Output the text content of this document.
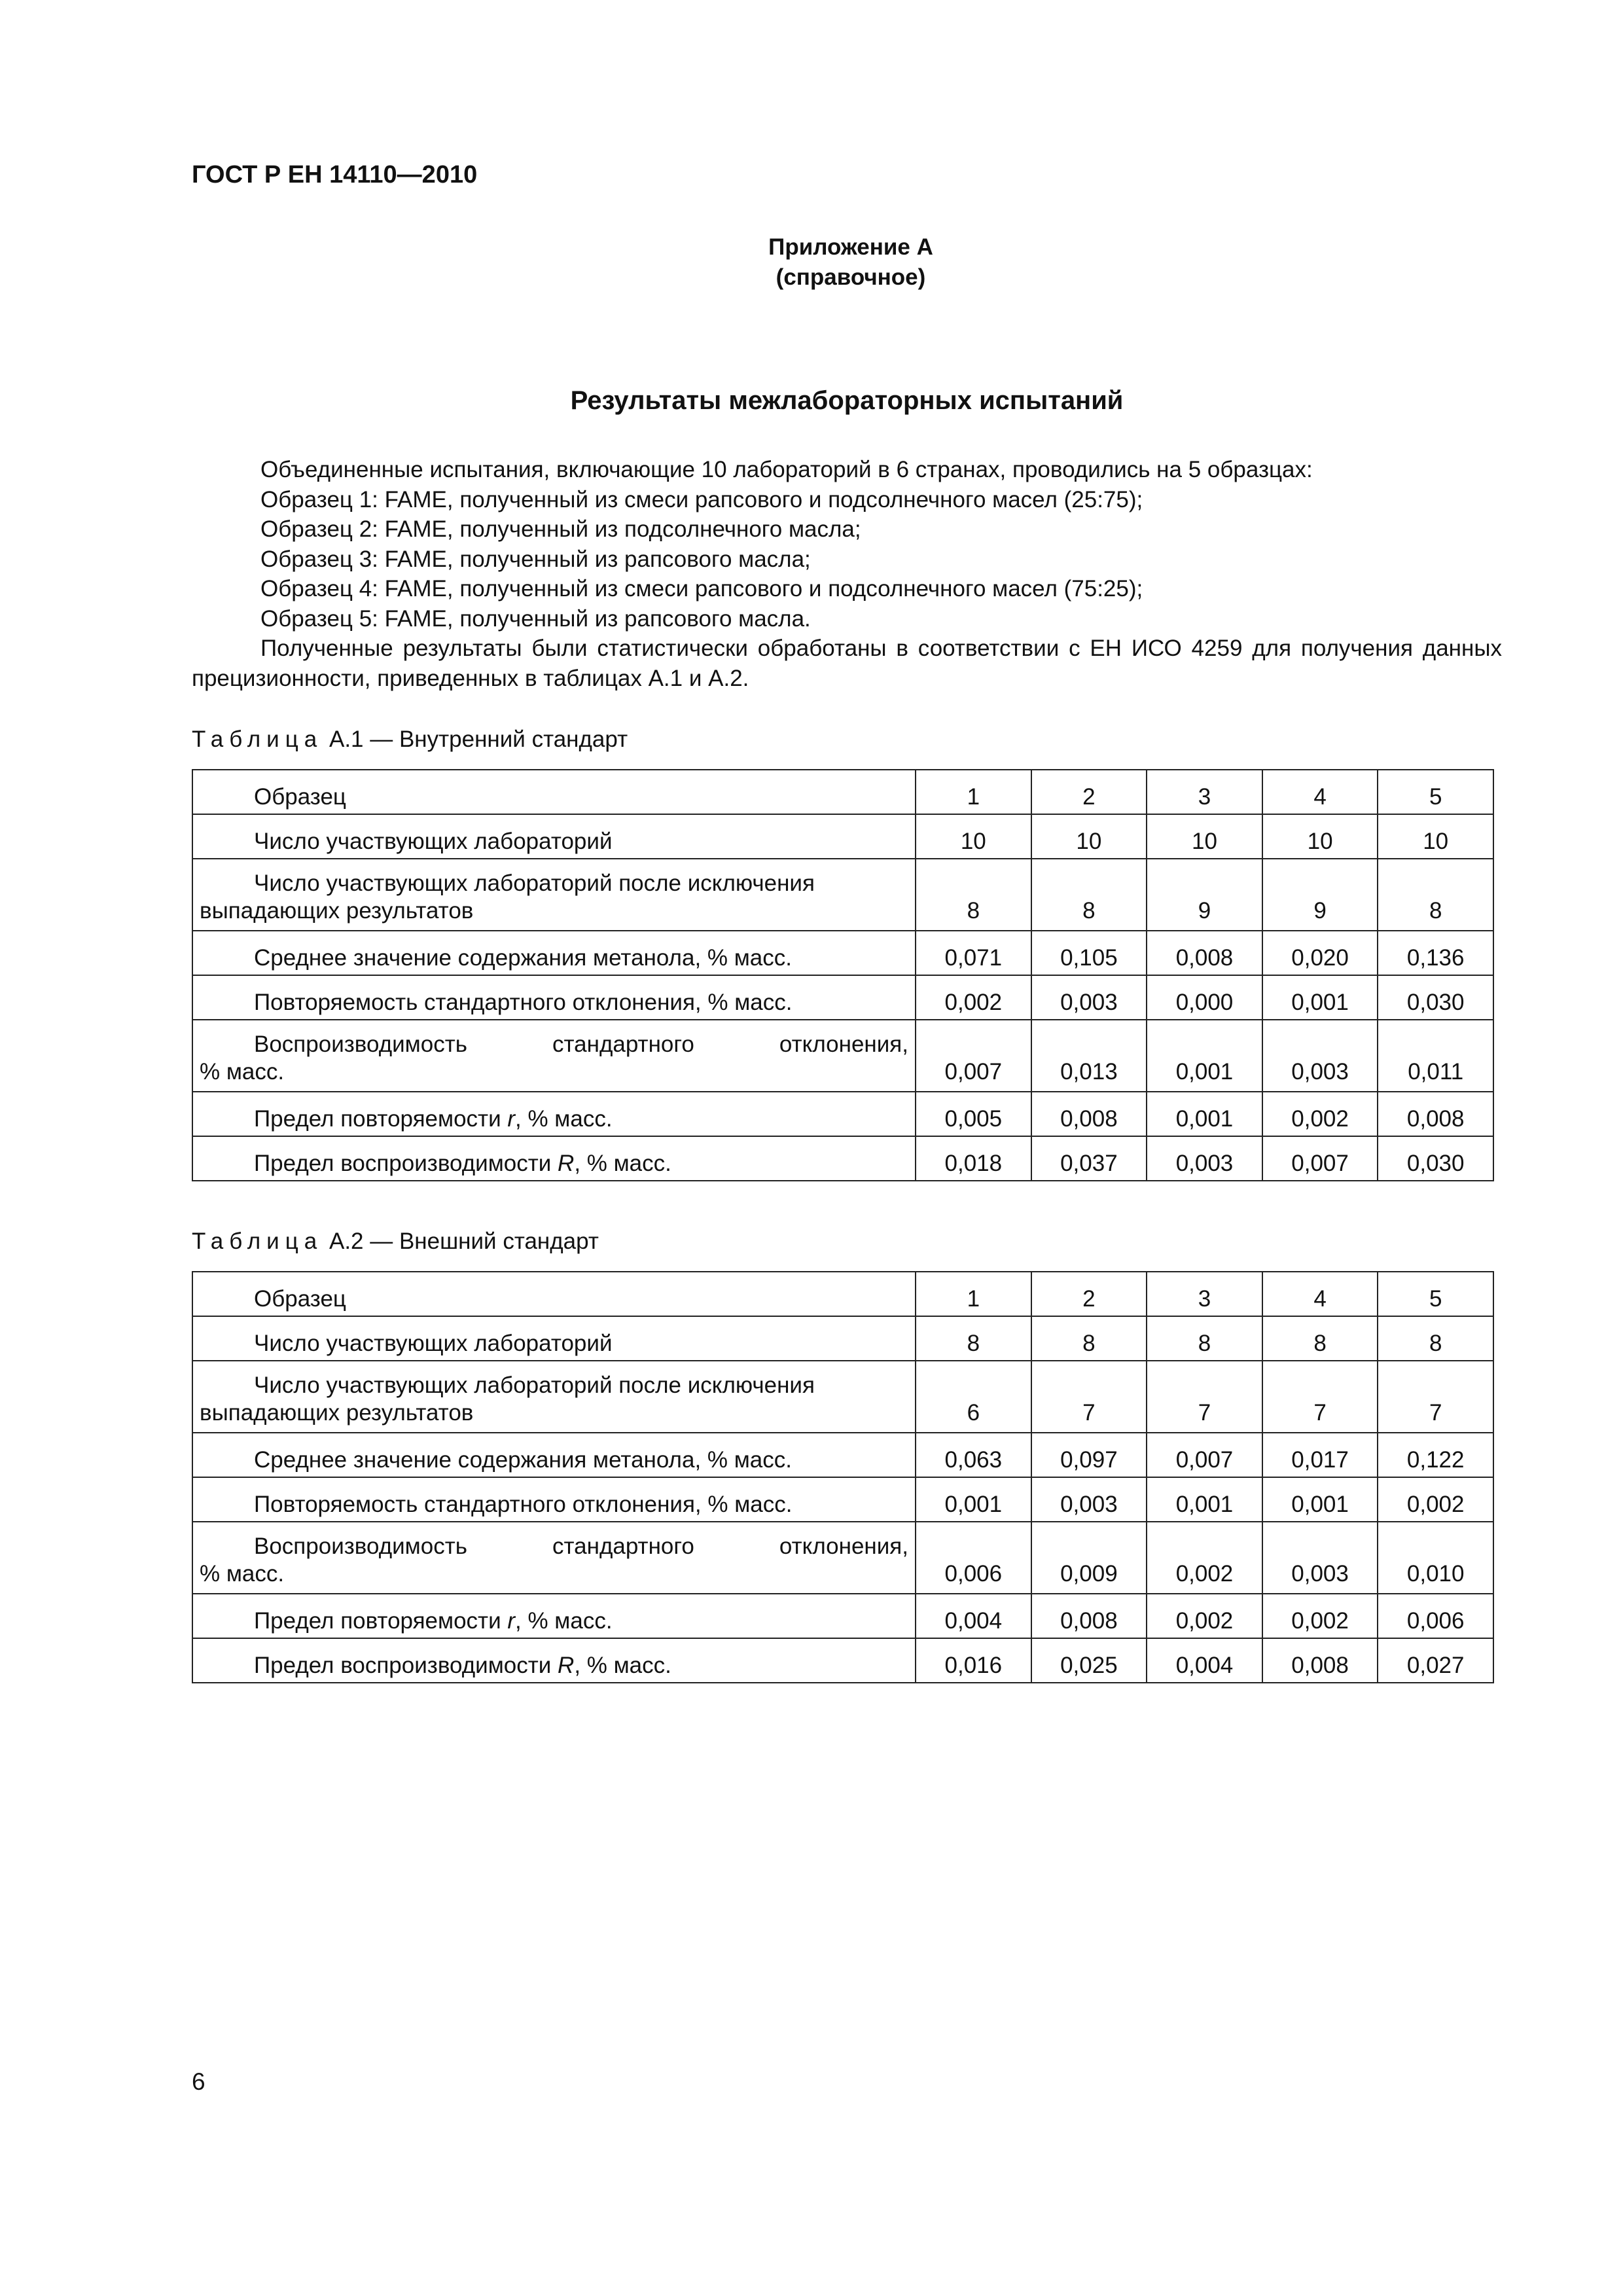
ГОСТ Р ЕН 14110—2010
Приложение А
(справочное)
Результаты межлабораторных испытаний

Объединенные испытания, включающие 10 лабораторий в 6 странах, проводились на 5 образцах:

Образец 1: FAME, полученный из смеси рапсового и подсолнечного масел (25:75);

Образец 2: FAME, полученный из подсолнечного масла;

Образец 3: FAME, полученный из рапсового масла;

Образец 4: FAME, полученный из смеси рапсового и подсолнечного масел (75:25);

Образец 5: FAME, полученный из рапсового масла.

Полученные результаты были статистически обработаны в соответствии с ЕН ИСО 4259 для получения данных прецизионности, приведенных в таблицах А.1 и А.2.

Таблица А.1 — Внутренний стандарт
Образец	1	2	3	4	5
Число участвующих лабораторий	10	10	10	10	10

Число участвующих лабораторий после исключения
выпадающих результатов	8	8	9	9	8
Среднее значение содержания метанола, % масс.	0,071	0,105	0,008	0,020	0,136
Повторяемость стандартного отклонения, % масс.	0,002	0,003	0,000	0,001	0,030

Воспроизводимость стандартного отклонения,
% масс.	0,007	0,013	0,001	0,003	0,011
Предел повторяемости r, % масс.	0,005	0,008	0,001	0,002	0,008
Предел воспроизводимости R, % масс.	0,018	0,037	0,003	0,007	0,030
Таблица А.2 — Внешний стандарт
Образец	1	2	3	4	5
Число участвующих лабораторий	8	8	8	8	8

Число участвующих лабораторий после исключения
выпадающих результатов	6	7	7	7	7
Среднее значение содержания метанола, % масс.	0,063	0,097	0,007	0,017	0,122
Повторяемость стандартного отклонения, % масс.	0,001	0,003	0,001	0,001	0,002

Воспроизводимость стандартного отклонения,
% масс.	0,006	0,009	0,002	0,003	0,010
Предел повторяемости r, % масс.	0,004	0,008	0,002	0,002	0,006
Предел воспроизводимости R, % масс.	0,016	0,025	0,004	0,008	0,027
6
